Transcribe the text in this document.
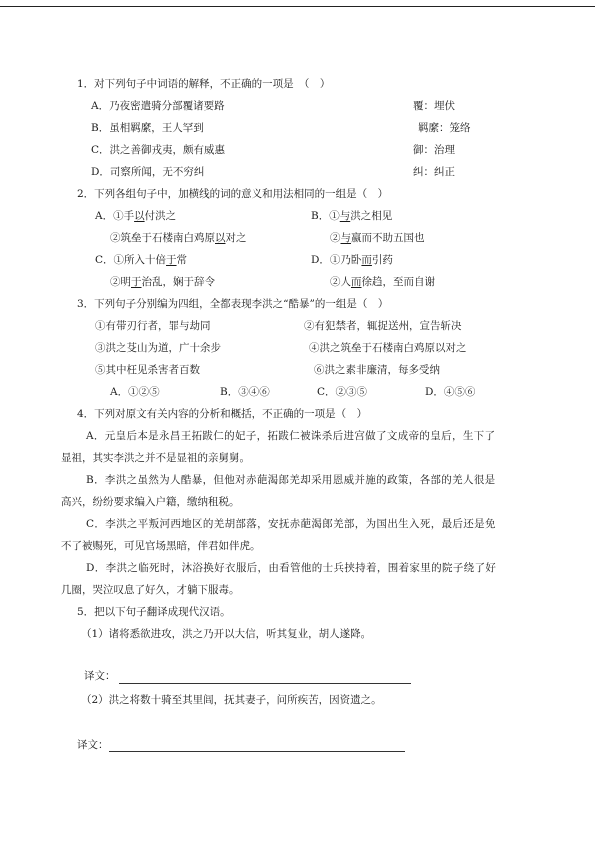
1．对下列句子中词语的解释，不正确的一项是　（　）
A．乃夜密遣骑分部覆诸要路	覆：埋伏
B．虽相羁縻，王人罕到	羁縻：笼络
C．洪之善御戎夷，颇有威惠	御：治理
D．司察所闻，无不穷纠	纠：纠正
2．下列各组句子中，加横线的词的意义和用法相同的一组是（　）
A．①手以付洪之	B．①与洪之相见
②筑垒于石楼南白鸡原以对之	②与嬴而不助五国也
C．①所入十倍于常	D．①乃卧而引药
②明于治乱，娴于辞令	②人而徐趋，至而自谢
3．下列句子分别编为四组，全都表现李洪之“酷暴”的一组是（　）
①有带刃行者，罪与劫同	②有犯禁者，辄捉送州，宣告斩决
③洪之芟山为道，广十余步	④洪之筑垒于石楼南白鸡原以对之
⑤其中枉见杀害者百数	⑥洪之素非廉清，每多受纳
A．①②⑤	B．③④⑥	C．②③⑤	D．④⑤⑥
4．下列对原文有关内容的分析和概括，不正确的一项是（　）
A．元皇后本是永昌王拓跋仁的妃子，拓跋仁被诛杀后进宫做了文成帝的皇后，生下了
显祖，其实李洪之并不是显祖的亲舅舅。
B．李洪之虽然为人酷暴，但他对赤葩渴郎羌却采用恩威并施的政策，各部的羌人很是
高兴，纷纷要求编入户籍，缴纳租税。
C．李洪之平叛河西地区的羌胡部落，安抚赤葩渴郎羌部，为国出生入死，最后还是免
不了被赐死，可见官场黑暗，伴君如伴虎。
D．李洪之临死时，沐浴换好衣服后，由看管他的士兵挟持着，围着家里的院子绕了好
几圈，哭泣叹息了好久，才躺下服毒。
5．把以下句子翻译成现代汉语。
（1）诸将悉欲进攻，洪之乃开以大信，听其复业，胡人遂降。
译文：
（2）洪之将数十骑至其里闾，抚其妻子，问所疾苦，因资遗之。
译文：
